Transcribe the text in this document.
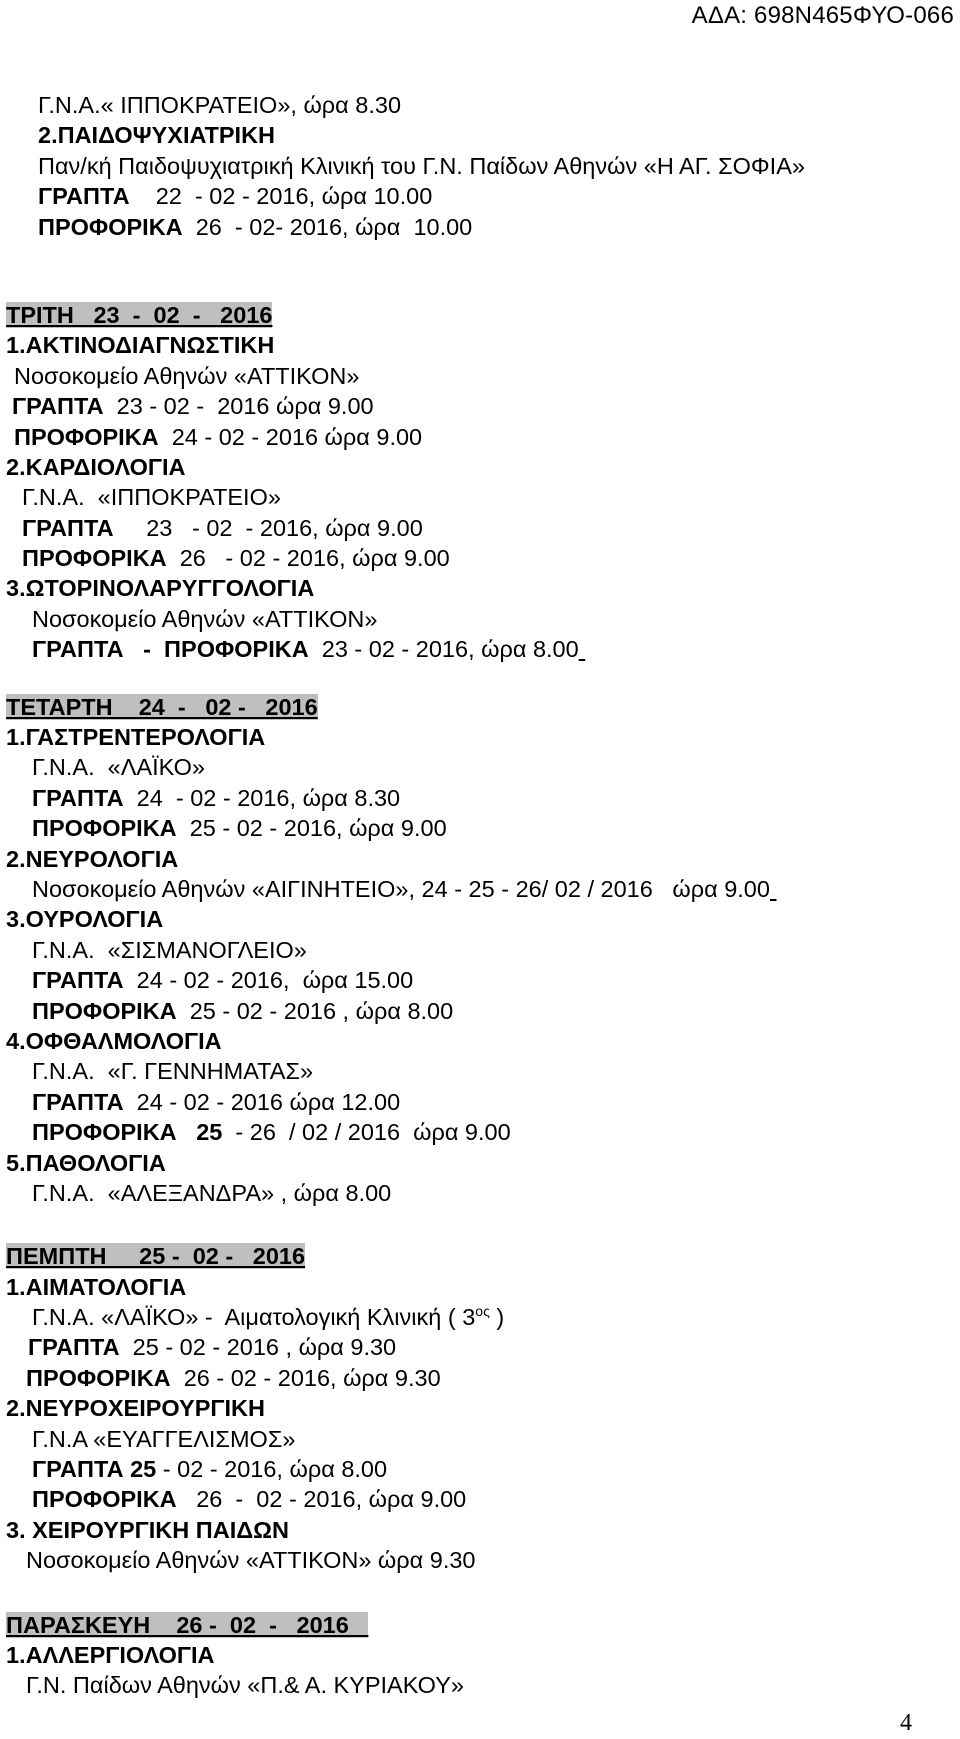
ΑΔΑ: 698Ν465ΦΥΟ-066
Γ.Ν.Α.« ΙΠΠΟΚΡΑΤΕΙΟ», ώρα 8.30
2.ΠΑΙΔΟΨΥΧΙΑΤΡΙΚΗ
Παν/κή Παιδοψυχιατρική Κλινική του Γ.Ν. Παίδων Αθηνών «Η ΑΓ. ΣΟΦΙΑ»
ΓΡΑΠΤΑ 22  - 02 - 2016, ώρα 10.00
ΠΡΟΦΟΡΙΚΑ 26  - 02- 2016, ώρα  10.00
ΤΡΙΤΗ   23  -  02  -   2016
1.ΑΚΤΙΝΟΔΙΑΓΝΩΣΤΙΚΗ
Νοσοκομείο Αθηνών «ΑΤΤΙΚΟΝ»
ΓΡΑΠΤΑ  23 - 02 -  2016 ώρα 9.00
ΠΡΟΦΟΡΙΚΑ  24 - 02 - 2016 ώρα 9.00
2.ΚΑΡΔΙΟΛΟΓΙΑ
Γ.Ν.Α.  «ΙΠΠΟΚΡΑΤΕΙΟ»
ΓΡΑΠΤΑ     23   - 02  - 2016, ώρα 9.00
ΠΡΟΦΟΡΙΚΑ  26   - 02 - 2016, ώρα 9.00
3.ΩΤΟΡΙΝΟΛΑΡΥΓΓΟΛΟΓΙΑ
Νοσοκομείο Αθηνών «ΑΤΤΙΚΟΝ»
ΓΡΑΠΤΑ   -  ΠΡΟΦΟΡΙΚΑ  23 - 02 - 2016, ώρα 8.00
ΤΕΤΑΡΤΗ    24  -   02 -   2016
1.ΓΑΣΤΡΕΝΤΕΡΟΛΟΓΙΑ
Γ.Ν.Α.  «ΛΑΪΚΟ»
ΓΡΑΠΤΑ  24  - 02 - 2016, ώρα 8.30
ΠΡΟΦΟΡΙΚΑ  25 - 02 - 2016, ώρα 9.00
2.ΝΕΥΡΟΛΟΓΙΑ
Νοσοκομείο Αθηνών «ΑΙΓΙΝΗΤΕΙΟ», 24 - 25 - 26/ 02 / 2016   ώρα 9.00
3.ΟΥΡΟΛΟΓΙΑ
Γ.Ν.Α.  «ΣΙΣΜΑΝΟΓΛΕΙΟ»
ΓΡΑΠΤΑ  24 - 02 - 2016,  ώρα 15.00
ΠΡΟΦΟΡΙΚΑ  25 - 02 - 2016 , ώρα 8.00
4.ΟΦΘΑΛΜΟΛΟΓΙΑ
Γ.Ν.Α.  «Γ. ΓΕΝΝΗΜΑΤΑΣ»
ΓΡΑΠΤΑ  24 - 02 - 2016 ώρα 12.00
ΠΡΟΦΟΡΙΚΑ   25  - 26  / 02 / 2016  ώρα 9.00
5.ΠΑΘΟΛΟΓΙΑ
Γ.Ν.Α.  «ΑΛΕΞΑΝΔΡΑ» , ώρα 8.00
ΠΕΜΠΤΗ     25 -  02 -   2016
1.ΑΙΜΑΤΟΛΟΓΙΑ
Γ.Ν.Α. «ΛΑΪΚΟ» -  Αιματολογική Κλινική ( $3^{o\varsigma}$ )
ΓΡΑΠΤΑ  25 - 02 - 2016 , ώρα 9.30
ΠΡΟΦΟΡΙΚΑ  26 - 02 - 2016, ώρα 9.30
2.ΝΕΥΡΟΧΕΙΡΟΥΡΓΙΚΗ
Γ.Ν.Α «ΕΥΑΓΓΕΛΙΣΜΟΣ»
ΓΡΑΠΤΑ 25 - 02 - 2016, ώρα 8.00
ΠΡΟΦΟΡΙΚΑ   26  -  02 - 2016, ώρα 9.00
3. ΧΕΙΡΟΥΡΓΙΚΗ ΠΑΙΔΩΝ
Νοσοκομείο Αθηνών «ΑΤΤΙΚΟΝ» ώρα 9.30
ΠΑΡΑΣΚΕΥΗ    26 -  02  -   2016
1.ΑΛΛΕΡΓΙΟΛΟΓΙΑ
Γ.Ν. Παίδων Αθηνών «Π.& Α. ΚΥΡΙΑΚΟΥ»
4
